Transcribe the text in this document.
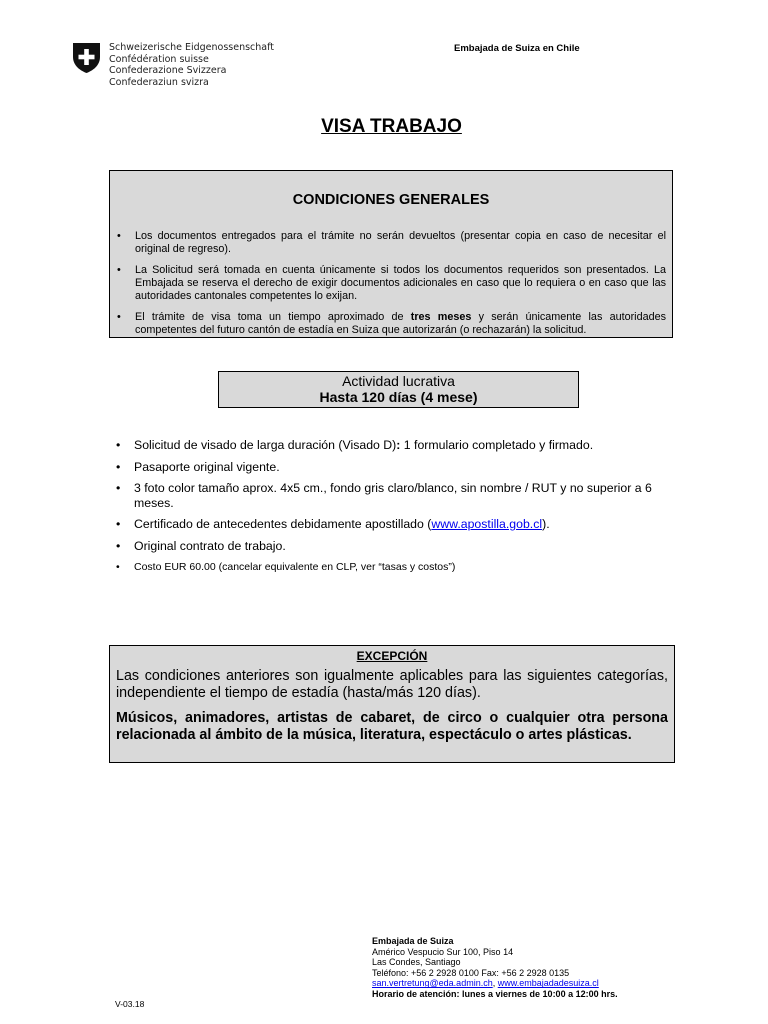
Schweizerische Eidgenossenschaft
Confédération suisse
Confederazione Svizzera
Confederaziun svizra
Embajada de Suiza en Chile
VISA TRABAJO
CONDICIONES GENERALES
• Los documentos entregados para el trámite no serán devueltos (presentar copia en caso de necesitar el original de regreso).
• La Solicitud será tomada en cuenta únicamente si todos los documentos requeridos son presentados. La Embajada se reserva el derecho de exigir documentos adicionales en caso que lo requiera o en caso que las autoridades cantonales competentes lo exijan.
• El trámite de visa toma un tiempo aproximado de tres meses y serán únicamente las autoridades competentes del futuro cantón de estadía en Suiza que autorizarán (o rechazarán) la solicitud.
Actividad lucrativa
Hasta 120 días (4 mese)
• Solicitud de visado de larga duración (Visado D): 1 formulario completado y firmado.
• Pasaporte original vigente.
• 3 foto color tamaño aprox. 4x5 cm., fondo gris claro/blanco, sin nombre / RUT y no superior a 6 meses.
• Certificado de antecedentes debidamente apostillado (www.apostilla.gob.cl).
• Original contrato de trabajo.
• Costo EUR 60.00 (cancelar equivalente en CLP, ver “tasas y costos”)
EXCEPCIÓN
Las condiciones anteriores son igualmente aplicables para las siguientes categorías, independiente el tiempo de estadía (hasta/más 120 días).
Músicos, animadores, artistas de cabaret, de circo o cualquier otra persona relacionada al ámbito de la música, literatura, espectáculo o artes plásticas.
Embajada de Suiza
Américo Vespucio Sur 100, Piso 14
Las Condes, Santiago
Teléfono: +56 2 2928 0100 Fax: +56 2 2928 0135
san.vertretung@eda.admin.ch, www.embajadadesuiza.cl
Horario de atención: lunes a viernes de 10:00 a 12:00 hrs.
V-03.18
